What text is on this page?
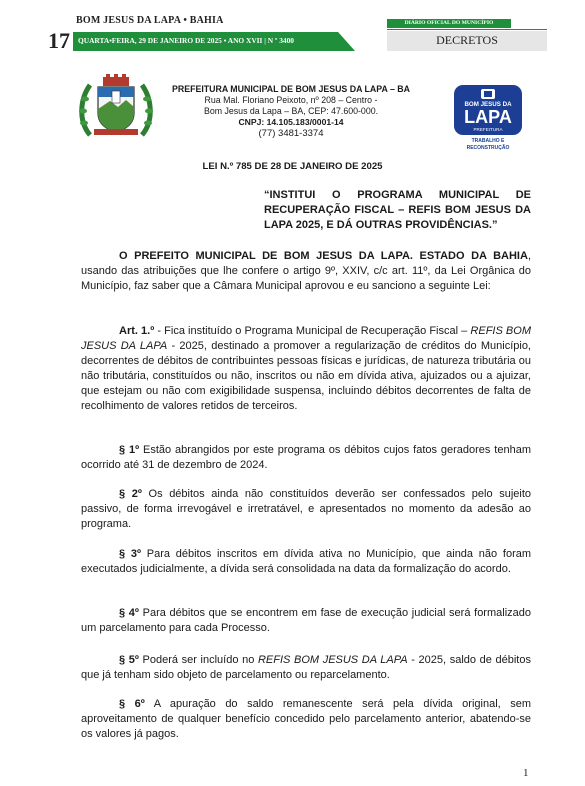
17
BOM JESUS DA LAPA • BAHIA
QUARTA•FEIRA, 29 DE JANEIRO DE 2025 • ANO XVII | N º 3400
DIÁRIO OFICIAL DO MUNICÍPIO
DECRETOS
PREFEITURA MUNICIPAL DE BOM JESUS DA LAPA – BA
Rua Mal. Floriano Peixoto, nº 208 – Centro -
Bom Jesus da Lapa – BA, CEP: 47.600-000.
CNPJ: 14.105.183/0001-14
(77) 3481-3374
BOM JESUS DA
LAPA
PREFEITURA
TRABALHO E
RECONSTRUÇÃO
LEI N.º 785 DE 28 DE JANEIRO DE 2025
“INSTITUI O PROGRAMA MUNICIPAL DE RECUPERAÇÃO FISCAL – REFIS BOM JESUS DA LAPA 2025, E DÁ OUTRAS PROVIDÊNCIAS.”
O PREFEITO MUNICIPAL DE BOM JESUS DA LAPA. ESTADO DA BAHIA, usando das atribuições que lhe confere o artigo 9º, XXIV, c/c art. 11º, da Lei Orgânica do Município, faz saber que a Câmara Municipal aprovou e eu sanciono a seguinte Lei:
Art. 1.º - Fica instituído o Programa Municipal de Recuperação Fiscal – REFIS BOM JESUS DA LAPA - 2025, destinado a promover a regularização de créditos do Município, decorrentes de débitos de contribuintes pessoas físicas e jurídicas, de natureza tributária ou não tributária, constituídos ou não, inscritos ou não em dívida ativa, ajuizados ou a ajuizar, que estejam ou não com exigibilidade suspensa, incluindo débitos decorrentes de falta de recolhimento de valores retidos de terceiros.
§ 1º Estão abrangidos por este programa os débitos cujos fatos geradores tenham ocorrido até 31 de dezembro de 2024.
§ 2º Os débitos ainda não constituídos deverão ser confessados pelo sujeito passivo, de forma irrevogável e irretratável, e apresentados no momento da adesão ao programa.
§ 3º Para débitos inscritos em dívida ativa no Município, que ainda não foram executados judicialmente, a dívida será consolidada na data da formalização do acordo.
§ 4º Para débitos que se encontrem em fase de execução judicial será formalizado um parcelamento para cada Processo.
§ 5º Poderá ser incluído no REFIS BOM JESUS DA LAPA - 2025, saldo de débitos que já tenham sido objeto de parcelamento ou reparcelamento.
§ 6º A apuração do saldo remanescente será pela dívida original, sem aproveitamento de qualquer benefício concedido pelo parcelamento anterior, abatendo-se os valores já pagos.
1
